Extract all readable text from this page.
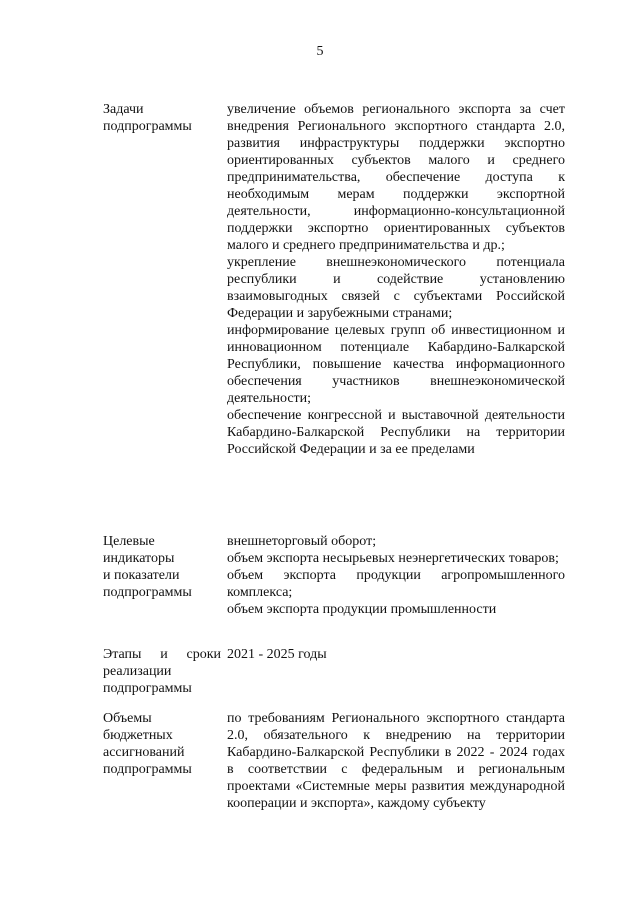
5

Задачи

подпрограммы

увеличение объемов регионального экспорта за счет внедрения Регионального экспортного стандарта 2.0, развития инфраструктуры поддержки экспортно ориентированных субъектов малого и среднего предпринимательства, обеспечение доступа к необходимым мерам поддержки экспортной деятельности, информационно-консультационной поддержки экспортно ориентированных субъектов малого и среднего предпринимательства и др.;

укрепление внешнеэкономического потенциала республики и содействие установлению взаимовыгодных связей с субъектами Российской Федерации и зарубежными странами;

информирование целевых групп об инвестиционном и инновационном потенциале Кабардино-Балкарской Республики, повышение качества информационного обеспечения участников внешнеэкономической деятельности;

обеспечение конгрессной и выставочной деятельности Кабардино-Балкарской Республики на территории Российской Федерации и за ее пределами

Целевые

индикаторы

и показатели

подпрограммы

внешнеторговый оборот;

объем экспорта несырьевых неэнергетических товаров;

объем экспорта продукции агропромышленного комплекса;

объем экспорта продукции промышленности

Этапы и сроки

реализации

подпрограммы

2021 - 2025 годы

Объемы

бюджетных

ассигнований

подпрограммы

по требованиям Регионального экспортного стандарта 2.0, обязательного к внедрению на территории Кабардино-Балкарской Республики в 2022 - 2024 годах в соответствии с федеральным и региональным проектами «Системные меры развития международной кооперации и экспорта», каждому субъекту
